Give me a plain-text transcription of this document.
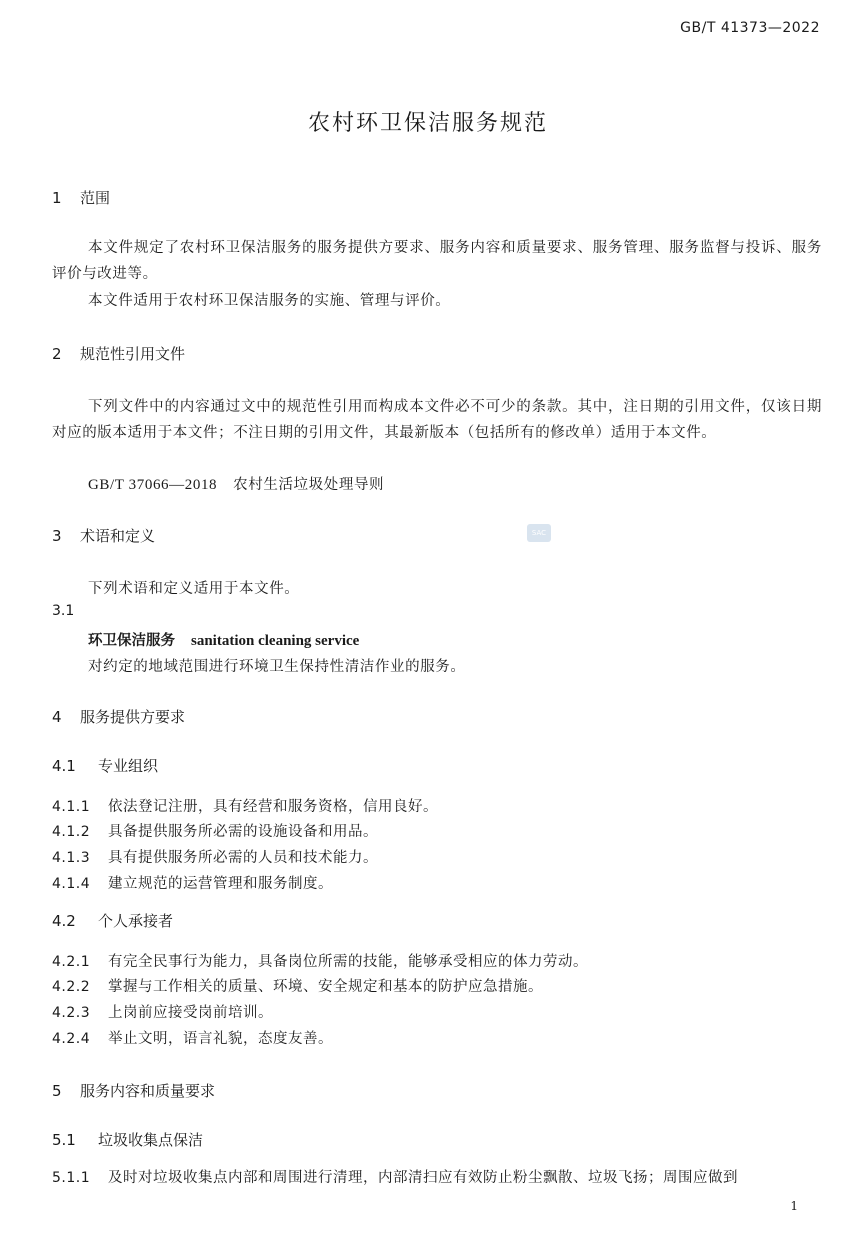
GB/T 41373—2022
农村环卫保洁服务规范
1 范围
本文件规定了农村环卫保洁服务的服务提供方要求、服务内容和质量要求、服务管理、服务监督与投诉、服务评价与改进等。
本文件适用于农村环卫保洁服务的实施、管理与评价。
2 规范性引用文件
下列文件中的内容通过文中的规范性引用而构成本文件必不可少的条款。其中，注日期的引用文件，仅该日期对应的版本适用于本文件；不注日期的引用文件，其最新版本（包括所有的修改单）适用于本文件。
GB/T 37066—2018 农村生活垃圾处理导则
3 术语和定义	SAC
下列术语和定义适用于本文件。
3.1
环卫保洁服务 sanitation cleaning service
对约定的地域范围进行环境卫生保持性清洁作业的服务。
4 服务提供方要求
4.1 专业组织
4.1.1 依法登记注册，具有经营和服务资格，信用良好。
4.1.2 具备提供服务所必需的设施设备和用品。
4.1.3 具有提供服务所必需的人员和技术能力。
4.1.4 建立规范的运营管理和服务制度。
4.2 个人承接者
4.2.1 有完全民事行为能力，具备岗位所需的技能，能够承受相应的体力劳动。
4.2.2 掌握与工作相关的质量、环境、安全规定和基本的防护应急措施。
4.2.3 上岗前应接受岗前培训。
4.2.4 举止文明，语言礼貌，态度友善。
5 服务内容和质量要求
5.1 垃圾收集点保洁
5.1.1 及时对垃圾收集点内部和周围进行清理，内部清扫应有效防止粉尘飘散、垃圾飞扬；周围应做到
1
